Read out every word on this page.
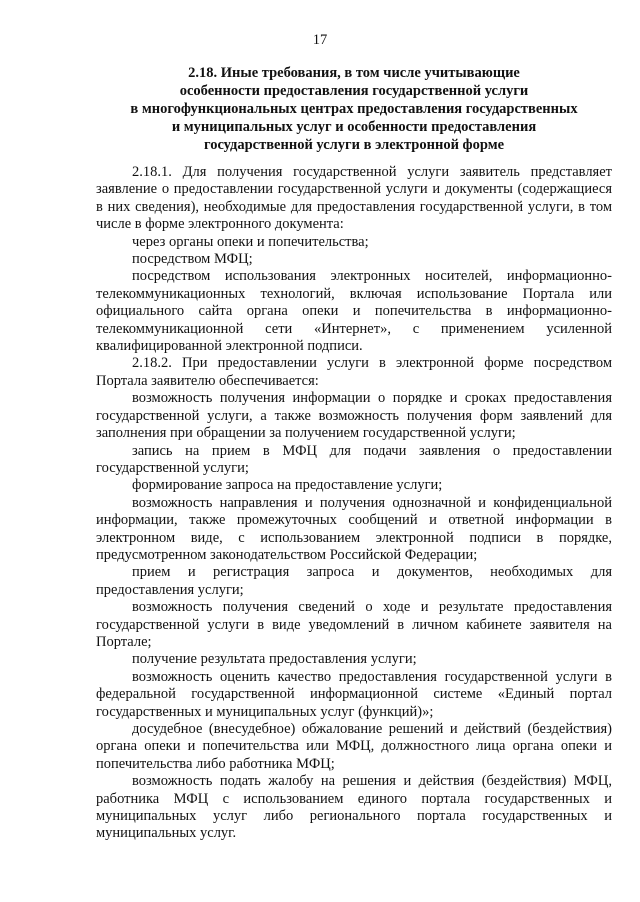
17
2.18. Иные требования, в том числе учитывающие
особенности предоставления государственной услуги
в многофункциональных центрах предоставления государственных
и муниципальных услуг и особенности предоставления
государственной услуги в электронной форме

2.18.1. Для получения государственной услуги заявитель представляет заявление о предоставлении государственной услуги и документы (содержащиеся в них сведения), необходимые для предоставления государственной услуги, в том числе в форме электронного документа:

через органы опеки и попечительства;

посредством МФЦ;

посредством использования электронных носителей, информационно-телекоммуникационных технологий, включая использование Портала или официального сайта органа опеки и попечительства в информационно-телекоммуникационной сети «Интернет», с применением усиленной квалифицированной электронной подписи.

2.18.2. При предоставлении услуги в электронной форме посредством Портала заявителю обеспечивается:

возможность получения информации о порядке и сроках предоставления государственной услуги, а также возможность получения форм заявлений для заполнения при обращении за получением государственной услуги;

запись на прием в МФЦ для подачи заявления о предоставлении государственной услуги;

формирование запроса на предоставление услуги;

возможность направления и получения однозначной и конфиденциальной информации, также промежуточных сообщений и ответной информации в электронном виде, с использованием электронной подписи в порядке, предусмотренном законодательством Российской Федерации;

прием и регистрация запроса и документов, необходимых для предоставления услуги;

возможность получения сведений о ходе и результате предоставления государственной услуги в виде уведомлений в личном кабинете заявителя на Портале;

получение результата предоставления услуги;

возможность оценить качество предоставления государственной услуги в федеральной государственной информационной системе «Единый портал государственных и муниципальных услуг (функций)»;

досудебное (внесудебное) обжалование решений и действий (бездействия) органа опеки и попечительства или МФЦ, должностного лица органа опеки и попечительства либо работника МФЦ;

возможность подать жалобу на решения и действия (бездействия) МФЦ, работника МФЦ с использованием единого портала государственных и муниципальных услуг либо регионального портала государственных и муниципальных услуг.
